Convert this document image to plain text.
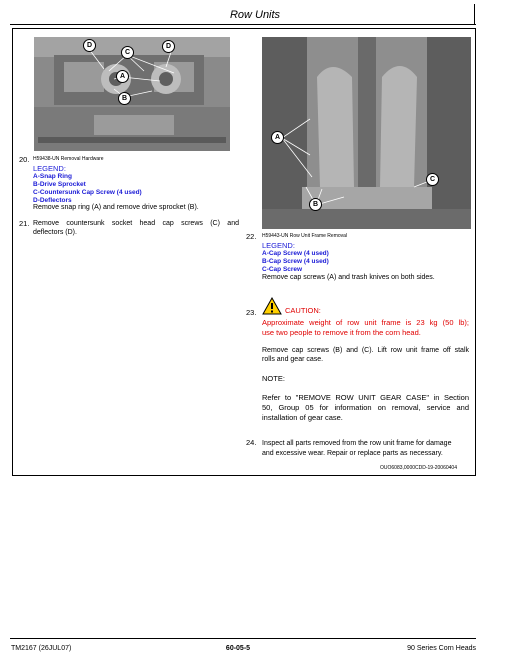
Row Units
D
C
D
A
B
20. H59438-UN Removal Hardware
LEGEND:
A-Snap Ring
B-Drive Sprocket
C-Countersunk Cap Screw (4 used)
D-Deflectors
Remove snap ring (A) and remove drive sprocket (B).
21. Remove countersunk socket head cap screws (C) and
deflectors (D).
A
C
B
22. H59443-UN Row Unit Frame Removal
LEGEND:
A-Cap Screw (4 used)
B-Cap Screw (4 used)
C-Cap Screw
Remove cap screws (A) and trash knives on both sides.
23.	CAUTION:
Approximate weight of row unit frame is 23 kg (50 lb);
use two people to remove it from the corn head.
Remove cap screws (B) and (C). Lift row unit frame off stalk
rolls and gear case.
NOTE:
Refer to "REMOVE ROW UNIT GEAR CASE" in Section
50, Group 05 for information on removal, service and
installation of gear case.
24. Inspect all parts removed from the row unit frame for damage
and excessive wear. Repair or replace parts as necessary.
OUO6083,0000CDD-19-20060404
TM2167 (26JUL07)	60-05-5	90 Series Corn Heads
